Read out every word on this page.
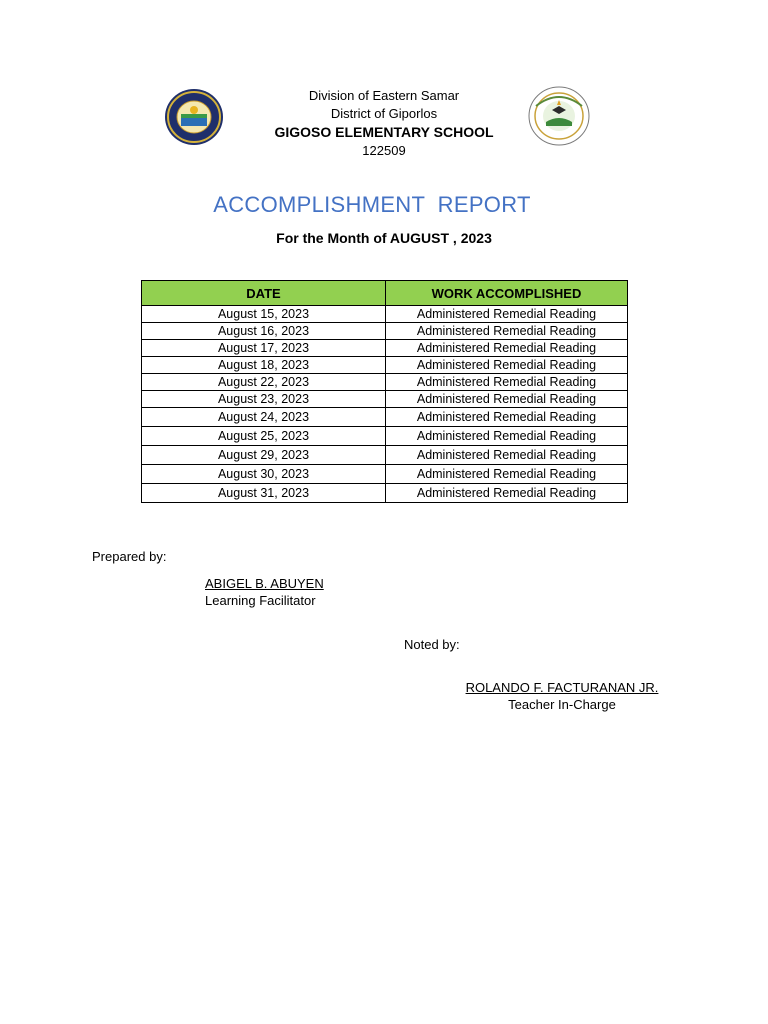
Division of Eastern Samar
District of Giporlos
GIGOSO ELEMENTARY SCHOOL
122509
ACCOMPLISHMENT  REPORT
For the Month of AUGUST , 2023
DATE	WORK ACCOMPLISHED
August 15, 2023	Administered Remedial Reading
August 16, 2023	Administered Remedial Reading
August 17, 2023	Administered Remedial Reading
August 18, 2023	Administered Remedial Reading
August 22, 2023	Administered Remedial Reading
August 23, 2023	Administered Remedial Reading
August 24, 2023	Administered Remedial Reading
August 25, 2023	Administered Remedial Reading
August 29, 2023	Administered Remedial Reading
August 30, 2023	Administered Remedial Reading
August 31, 2023	Administered Remedial Reading
Prepared by:
ABIGEL B. ABUYEN
Learning Facilitator
Noted by:
ROLANDO F. FACTURANAN JR.
Teacher In-Charge
